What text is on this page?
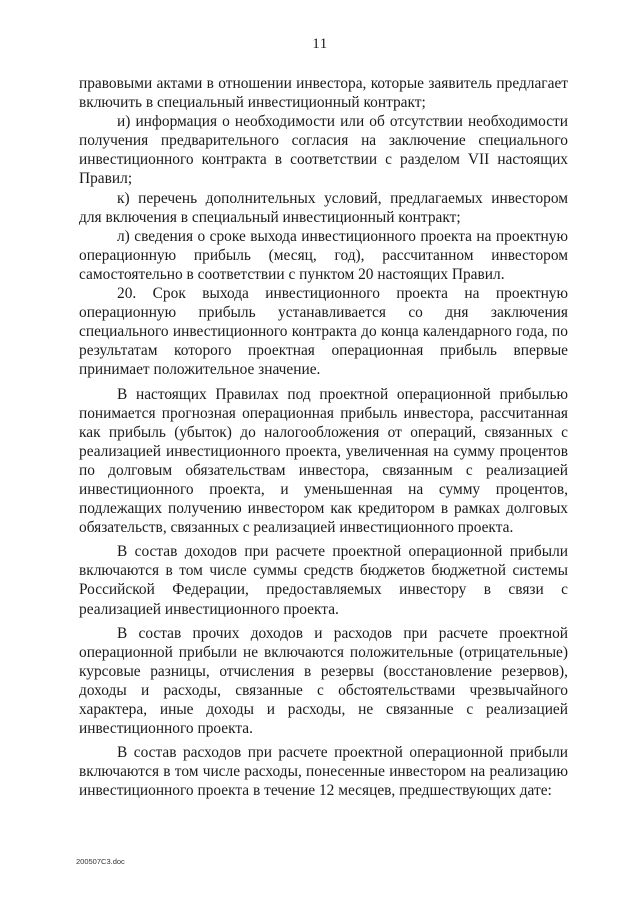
11

правовыми актами в отношении инвестора, которые заявитель предлагает включить в специальный инвестиционный контракт;

и) информация о необходимости или об отсутствии необходимости получения предварительного согласия на заключение специального инвестиционного контракта в соответствии с разделом VII настоящих Правил;

к) перечень дополнительных условий, предлагаемых инвестором для включения в специальный инвестиционный контракт;

л) сведения о сроке выхода инвестиционного проекта на проектную операционную прибыль (месяц, год), рассчитанном инвестором самостоятельно в соответствии с пунктом 20 настоящих Правил.

20. Срок выхода инвестиционного проекта на проектную операционную прибыль устанавливается со дня заключения специального инвестиционного контракта до конца календарного года, по результатам которого проектная операционная прибыль впервые принимает положительное значение.

В настоящих Правилах под проектной операционной прибылью понимается прогнозная операционная прибыль инвестора, рассчитанная как прибыль (убыток) до налогообложения от операций, связанных с реализацией инвестиционного проекта, увеличенная на сумму процентов по долговым обязательствам инвестора, связанным с реализацией инвестиционного проекта, и уменьшенная на сумму процентов, подлежащих получению инвестором как кредитором в рамках долговых обязательств, связанных с реализацией инвестиционного проекта.

В состав доходов при расчете проектной операционной прибыли включаются в том числе суммы средств бюджетов бюджетной системы Российской Федерации, предоставляемых инвестору в связи с реализацией инвестиционного проекта.

В состав прочих доходов и расходов при расчете проектной операционной прибыли не включаются положительные (отрицательные) курсовые разницы, отчисления в резервы (восстановление резервов), доходы и расходы, связанные с обстоятельствами чрезвычайного характера, иные доходы и расходы, не связанные с реализацией инвестиционного проекта.

В состав расходов при расчете проектной операционной прибыли включаются в том числе расходы, понесенные инвестором на реализацию инвестиционного проекта в течение 12 месяцев, предшествующих дате:

200507C3.doc
